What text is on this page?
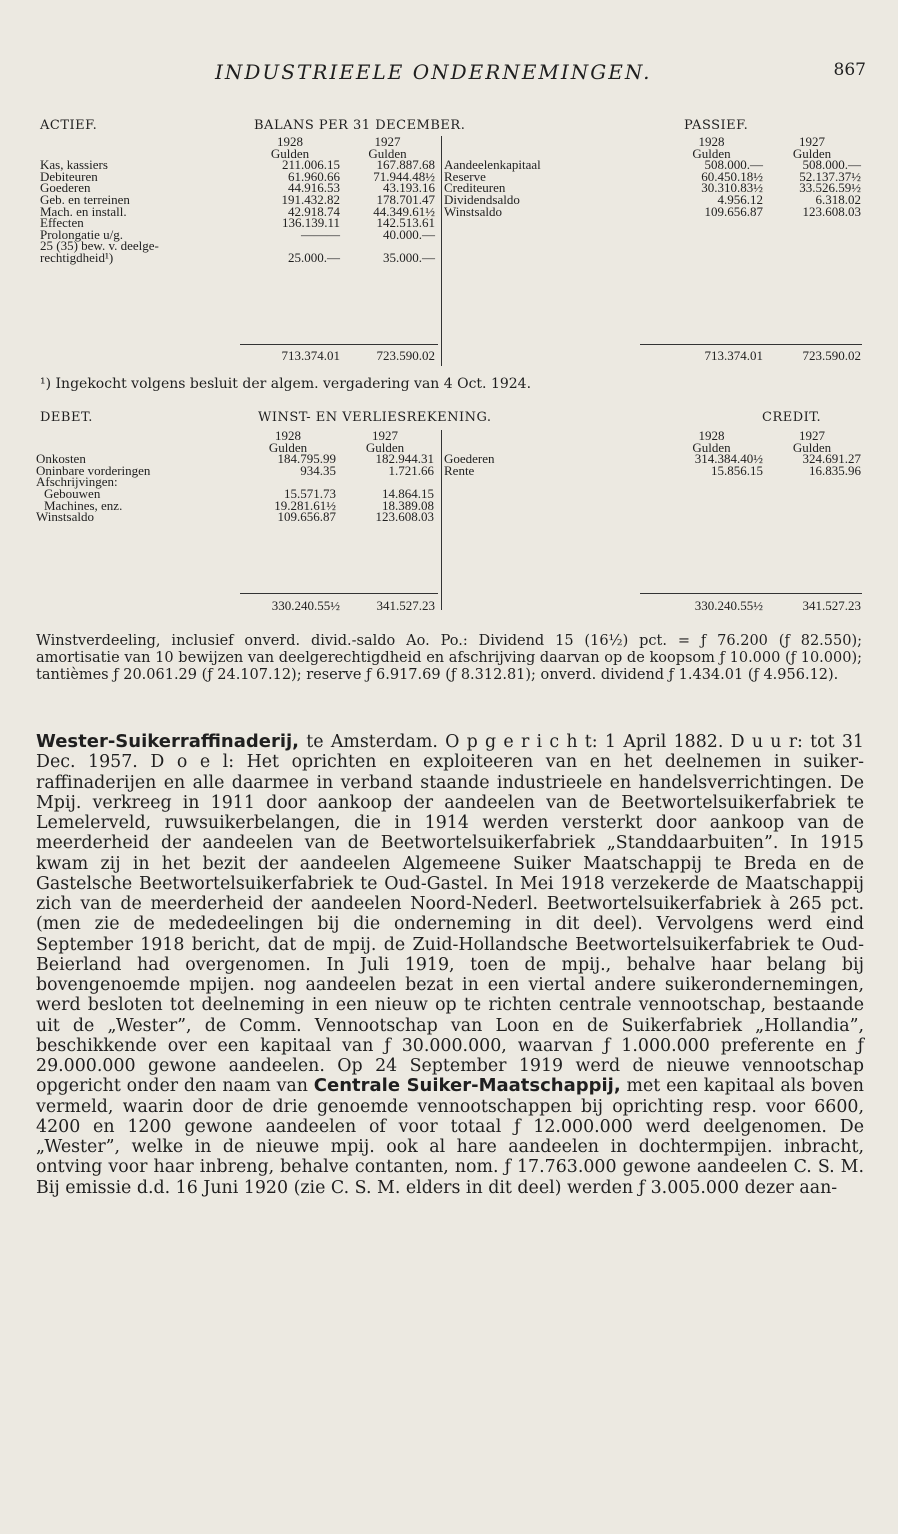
INDUSTRIEELE ONDERNEMINGEN.	867
ACTIEF.	BALANS PER 31 DECEMBER.	PASSIEF.
1928	1927
Gulden	Gulden
Kas, kassiers	211.006.15	167.887.68
Debiteuren	61.960.66	71.944.48½
Goederen	44.916.53	43.193.16
Geb. en terreinen	191.432.82	178.701.47
Mach. en install.	42.918.74	44.349.61½
Effecten	136.139.11	142.513.61
Prolongatie u/g.	———	40.000.—
25 (35) bew. v. deelge-
rechtigdheid¹)	25.000.—	35.000.—
1928	1927
Gulden	Gulden
Aandeelenkapitaal	508.000.—	508.000.—
Reserve	60.450.18½	52.137.37½
Crediteuren	30.310.83½	33.526.59½
Dividendsaldo	4.956.12	6.318.02
Winstsaldo	109.656.87	123.608.03
713.374.01	723.590.02	713.374.01	723.590.02
¹) Ingekocht volgens besluit der algem. vergadering van 4 Oct. 1924.
DEBET.	WINST- EN VERLIESREKENING.	CREDIT.
1928	1927
Gulden	Gulden
Onkosten	184.795.99	182.944.31
Oninbare vorderingen	934.35	1.721.66
Afschrijvingen:
Gebouwen	15.571.73	14.864.15
Machines, enz.	19.281.61½	18.389.08
Winstsaldo	109.656.87	123.608.03
1928	1927
Gulden	Gulden
Goederen	314.384.40½	324.691.27
Rente	15.856.15	16.835.96
330.240.55½	341.527.23	330.240.55½	341.527.23
Winstverdeeling, inclusief onverd. divid.-saldo Ao. Po.: Dividend 15 (16½) pct. = ƒ 76.200 (ƒ 82.550); amortisatie van 10 bewijzen van deelgerechtigdheid en afschrijving daarvan op de koopsom ƒ 10.000 (ƒ 10.000); tantièmes ƒ 20.061.29 (ƒ 24.107.12); reserve ƒ 6.917.69 (ƒ 8.312.81); onverd. dividend ƒ 1.434.01 (ƒ 4.956.12).

Wester-Suikerraffinaderij, te Amsterdam. O p g e r i c h t: 1 April 1882. D u u r: tot 31 Dec. 1957. D o e l: Het oprichten en exploiteeren van en het deelnemen in suiker-raffinaderijen en alle daarmee in verband staande industrieele en handelsverrichtingen. De Mpij. verkreeg in 1911 door aankoop der aandeelen van de Beetwortelsuikerfabriek te Lemelerveld, ruwsuikerbelangen, die in 1914 werden versterkt door aankoop van de meerderheid der aandeelen van de Beetwortelsuikerfabriek „Standdaarbuiten”. In 1915 kwam zij in het bezit der aandeelen Algemeene Suiker Maatschappij te Breda en de Gastelsche Beetwortelsuikerfabriek te Oud-Gastel. In Mei 1918 verzekerde de Maatschappij zich van de meerderheid der aandeelen Noord-Nederl. Beetwortelsuikerfabriek à 265 pct. (men zie de mededeelingen bij die onderneming in dit deel). Vervolgens werd eind September 1918 bericht, dat de mpij. de Zuid-Hollandsche Beetwortelsuikerfabriek te Oud-Beierland had overgenomen. In Juli 1919, toen de mpij., behalve haar belang bij bovengenoemde mpijen. nog aandeelen bezat in een viertal andere suikerondernemingen, werd besloten tot deelneming in een nieuw op te richten centrale vennootschap, bestaande uit de „Wester”, de Comm. Vennootschap van Loon en de Suikerfabriek „Hollandia”, beschikkende over een kapitaal van ƒ 30.000.000, waarvan ƒ 1.000.000 preferente en ƒ 29.000.000 gewone aandeelen. Op 24 September 1919 werd de nieuwe vennootschap opgericht onder den naam van Centrale Suiker-Maatschappij, met een kapitaal als boven vermeld, waarin door de drie genoemde vennootschappen bij oprichting resp. voor 6600, 4200 en 1200 gewone aandeelen of voor totaal ƒ 12.000.000 werd deelgenomen. De „Wester”, welke in de nieuwe mpij. ook al hare aandeelen in dochtermpijen. inbracht, ontving voor haar inbreng, behalve contanten, nom. ƒ 17.763.000 gewone aandeelen C. S. M. Bij emissie d.d. 16 Juni 1920 (zie C. S. M. elders in dit deel) werden ƒ 3.005.000 dezer aan-
